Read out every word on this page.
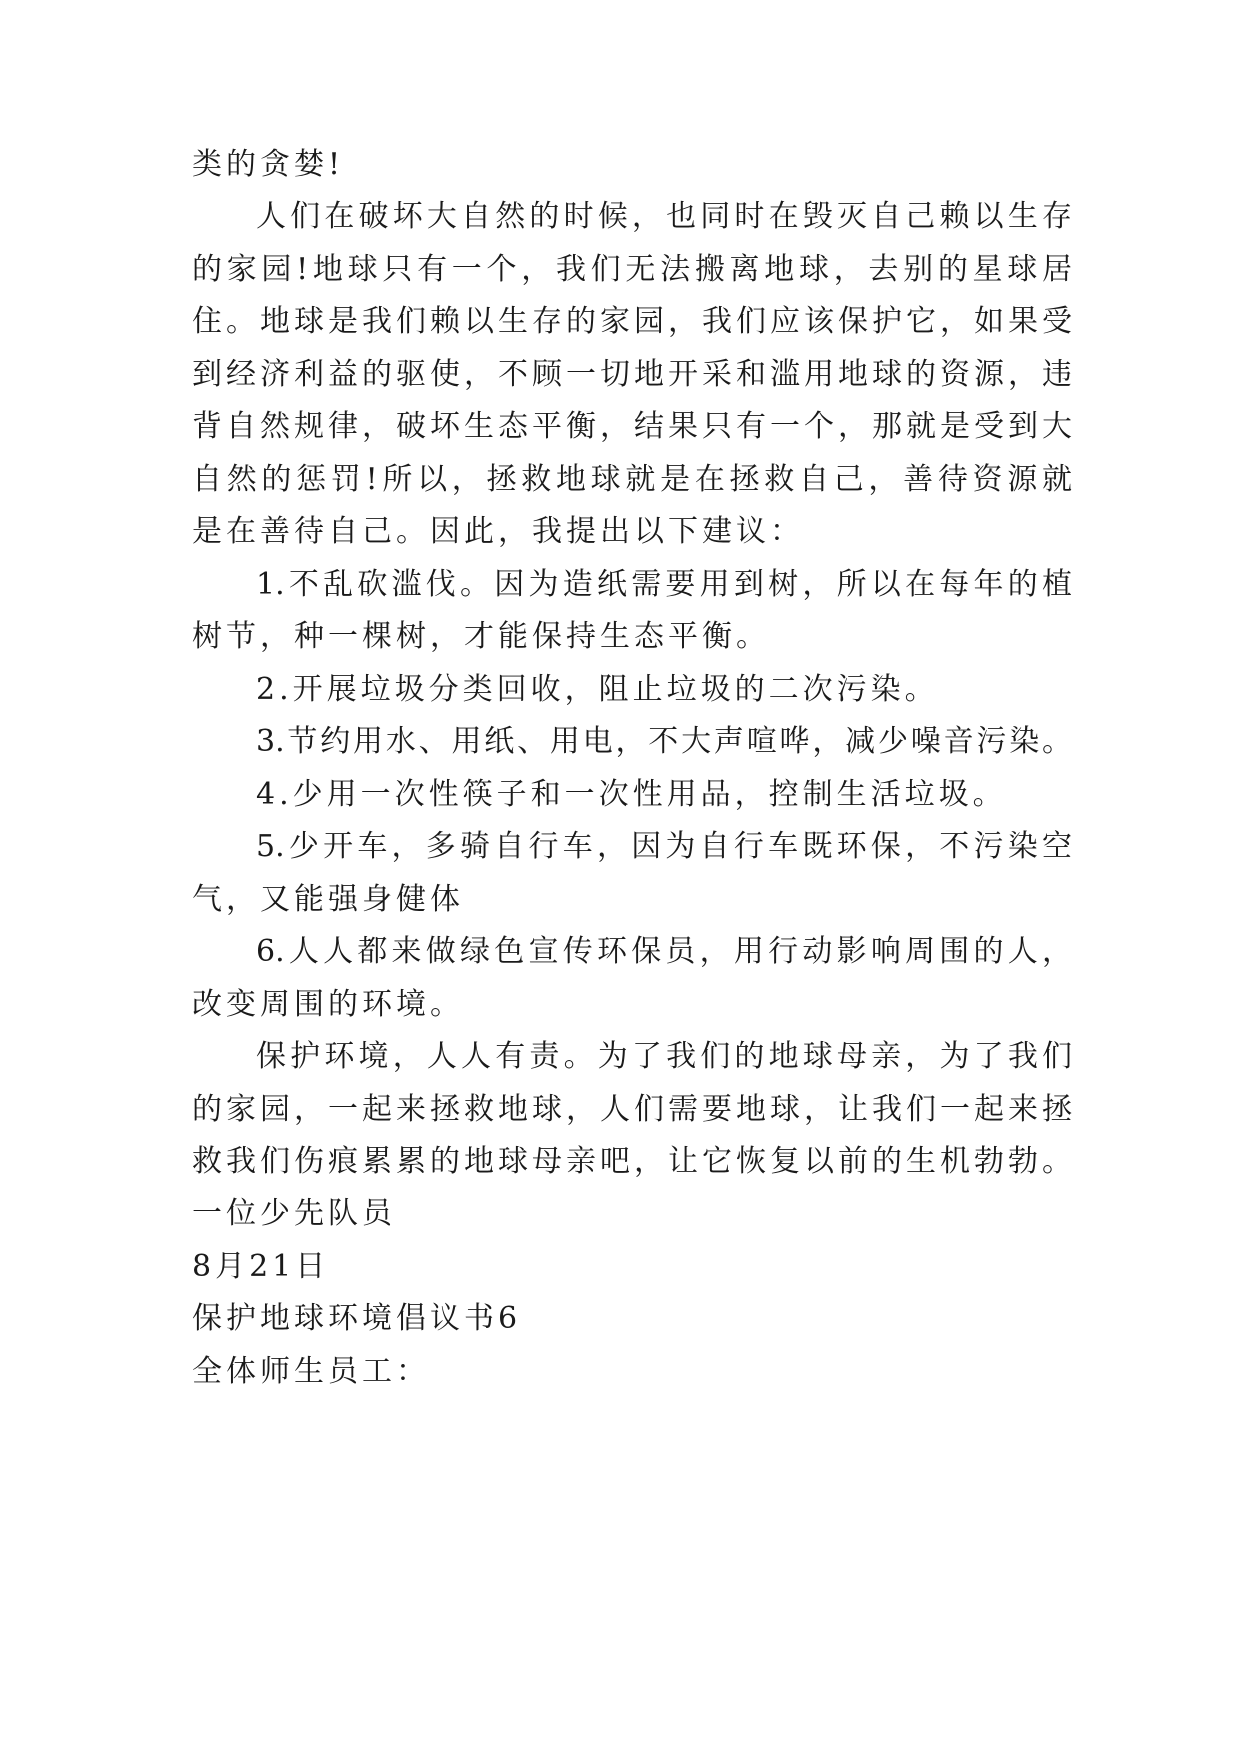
类的贪婪!
人们在破坏大自然的时候，也同时在毁灭自己赖以生存
的家园!地球只有一个，我们无法搬离地球，去别的星球居
住。地球是我们赖以生存的家园，我们应该保护它，如果受
到经济利益的驱使，不顾一切地开采和滥用地球的资源，违
背自然规律，破坏生态平衡，结果只有一个，那就是受到大
自然的惩罚!所以，拯救地球就是在拯救自己，善待资源就
是在善待自己。因此，我提出以下建议：
1.不乱砍滥伐。因为造纸需要用到树，所以在每年的植
树节，种一棵树，才能保持生态平衡。
2.开展垃圾分类回收，阻止垃圾的二次污染。
3.节约用水、用纸、用电，不大声喧哗，减少噪音污染。
4.少用一次性筷子和一次性用品，控制生活垃圾。
5.少开车，多骑自行车，因为自行车既环保，不污染空
气，又能强身健体
6.人人都来做绿色宣传环保员，用行动影响周围的人，
改变周围的环境。
保护环境，人人有责。为了我们的地球母亲，为了我们
的家园，一起来拯救地球，人们需要地球，让我们一起来拯
救我们伤痕累累的地球母亲吧，让它恢复以前的生机勃勃。
一位少先队员
8月21日
保护地球环境倡议书6
全体师生员工：
